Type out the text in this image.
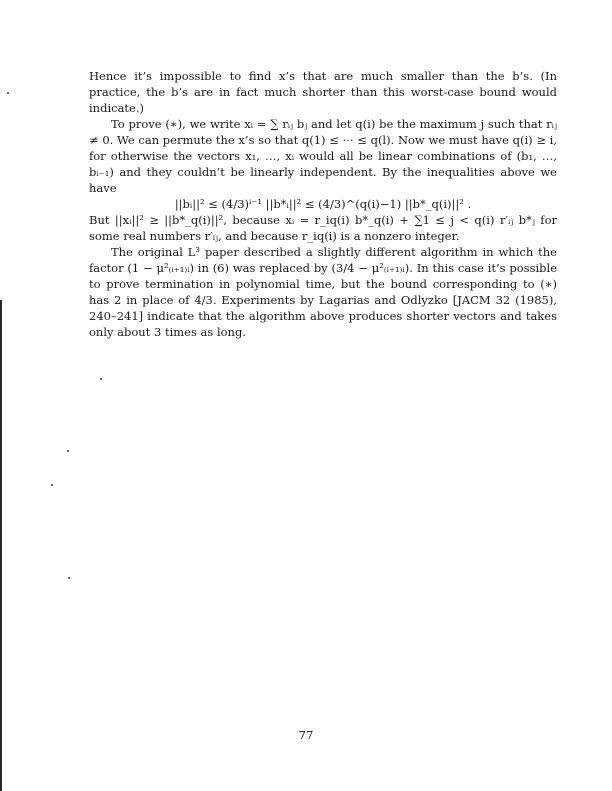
Hence it’s impossible to find x’s that are much smaller than the b’s. (In practice, the b’s are in fact much shorter than this worst-case bound would indicate.)

To prove (∗), we write xᵢ = ∑ rᵢⱼ bⱼ and let q(i) be the maximum j such that rᵢⱼ ≠ 0. We can permute the x’s so that q(1) ≤ ··· ≤ q(l). Now we must have q(i) ≥ i, for otherwise the vectors x₁, …, xᵢ would all be linear combinations of (b₁, …, bᵢ₋₁) and they couldn’t be linearly independent. By the inequalities above we have

||bᵢ||² ≤ (4/3)ⁱ⁻¹ ||b*ᵢ||² ≤ (4/3)^(q(i)−1) ||b*_q(i)||² .

But ||xᵢ||² ≥ ||b*_q(i)||², because xᵢ = r_iq(i) b*_q(i) + ∑1 ≤ j < q(i) r′ᵢⱼ b*ⱼ for some real numbers r′ᵢⱼ, and because r_iq(i) is a nonzero integer.

The original L³ paper described a slightly different algorithm in which the factor (1 − μ²₍ᵢ₊₁₎ᵢ) in (6) was replaced by (3/4 − μ²₍ᵢ₊₁₎ᵢ). In this case it’s possible to prove termination in polynomial time, but the bound corresponding to (∗) has 2 in place of 4/3. Experiments by Lagarias and Odlyzko [JACM 32 (1985), 240–241] indicate that the algorithm above produces shorter vectors and takes only about 3 times as long.

77
